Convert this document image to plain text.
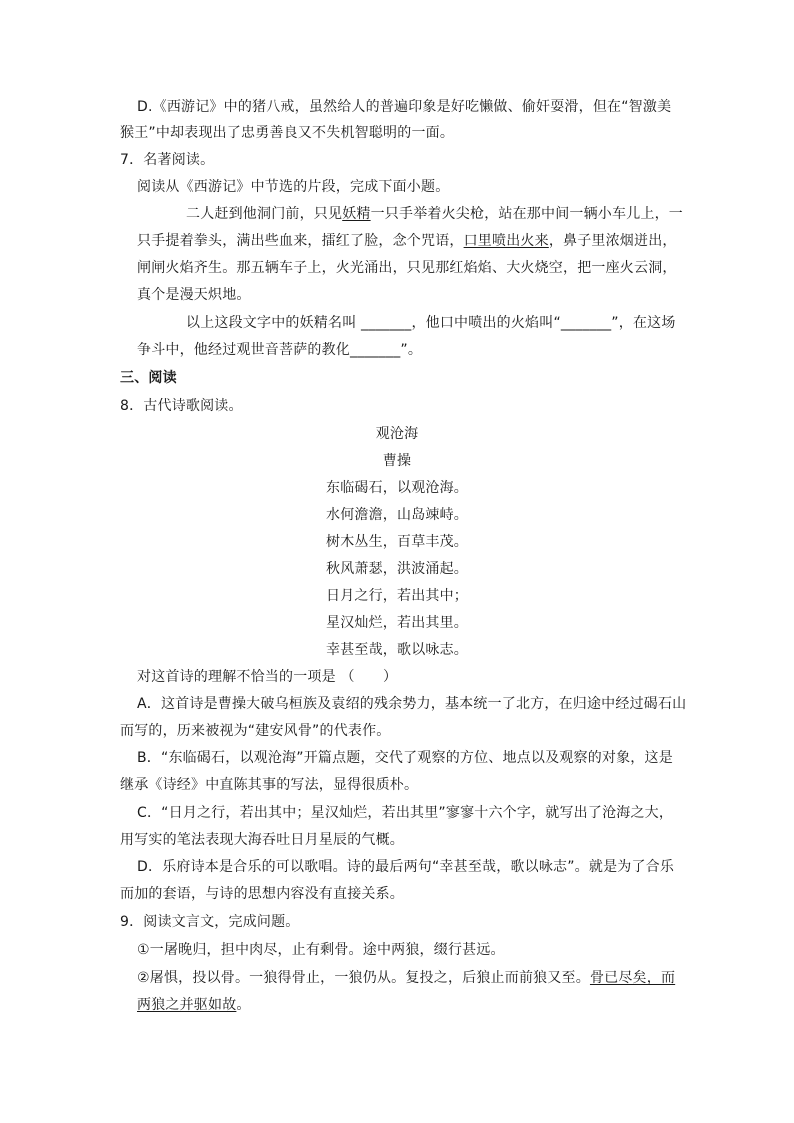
D.《西游记》中的猪八戒，虽然给人的普遍印象是好吃懒做、偷奸耍滑，但在“智激美
猴王”中却表现出了忠勇善良又不失机智聪明的一面。
7．名著阅读。
阅读从《西游记》中节选的片段，完成下面小题。
二人赶到他洞门前，只见妖精一只手举着火尖枪，站在那中间一辆小车儿上，一
只手提着拳头，满出些血来，擂红了脸，念个咒语，口里喷出火来，鼻子里浓烟迸出，
闸闸火焰齐生。那五辆车子上，火光涌出，只见那红焰焰、大火烧空，把一座火云洞，
真个是漫天炽地。
以上这段文字中的妖精名叫 _______，他口中喷出的火焰叫“_______”，在这场
争斗中，他经过观世音菩萨的教化_______”。
三、阅读
8．古代诗歌阅读。
观沧海
曹操
东临碣石，以观沧海。
水何澹澹，山岛竦峙。
树木丛生，百草丰茂。
秋风萧瑟，洪波涌起。
日月之行，若出其中；
星汉灿烂，若出其里。
幸甚至哉，歌以咏志。
对这首诗的理解不恰当的一项是 （　　）
A．这首诗是曹操大破乌桓族及袁绍的残余势力，基本统一了北方，在归途中经过碣石山
而写的，历来被视为“建安风骨”的代表作。
B．“东临碣石，以观沧海”开篇点题，交代了观察的方位、地点以及观察的对象，这是
继承《诗经》中直陈其事的写法，显得很质朴。
C．“日月之行，若出其中；星汉灿烂，若出其里”寥寥十六个字，就写出了沧海之大，
用写实的笔法表现大海吞吐日月星辰的气概。
D．乐府诗本是合乐的可以歌唱。诗的最后两句“幸甚至哉，歌以咏志”。就是为了合乐
而加的套语，与诗的思想内容没有直接关系。
9．阅读文言文，完成问题。
①一屠晚归，担中肉尽，止有剩骨。途中两狼，缀行甚远。
②屠惧，投以骨。一狼得骨止，一狼仍从。复投之，后狼止而前狼又至。骨已尽矣，而
两狼之并驱如故。
